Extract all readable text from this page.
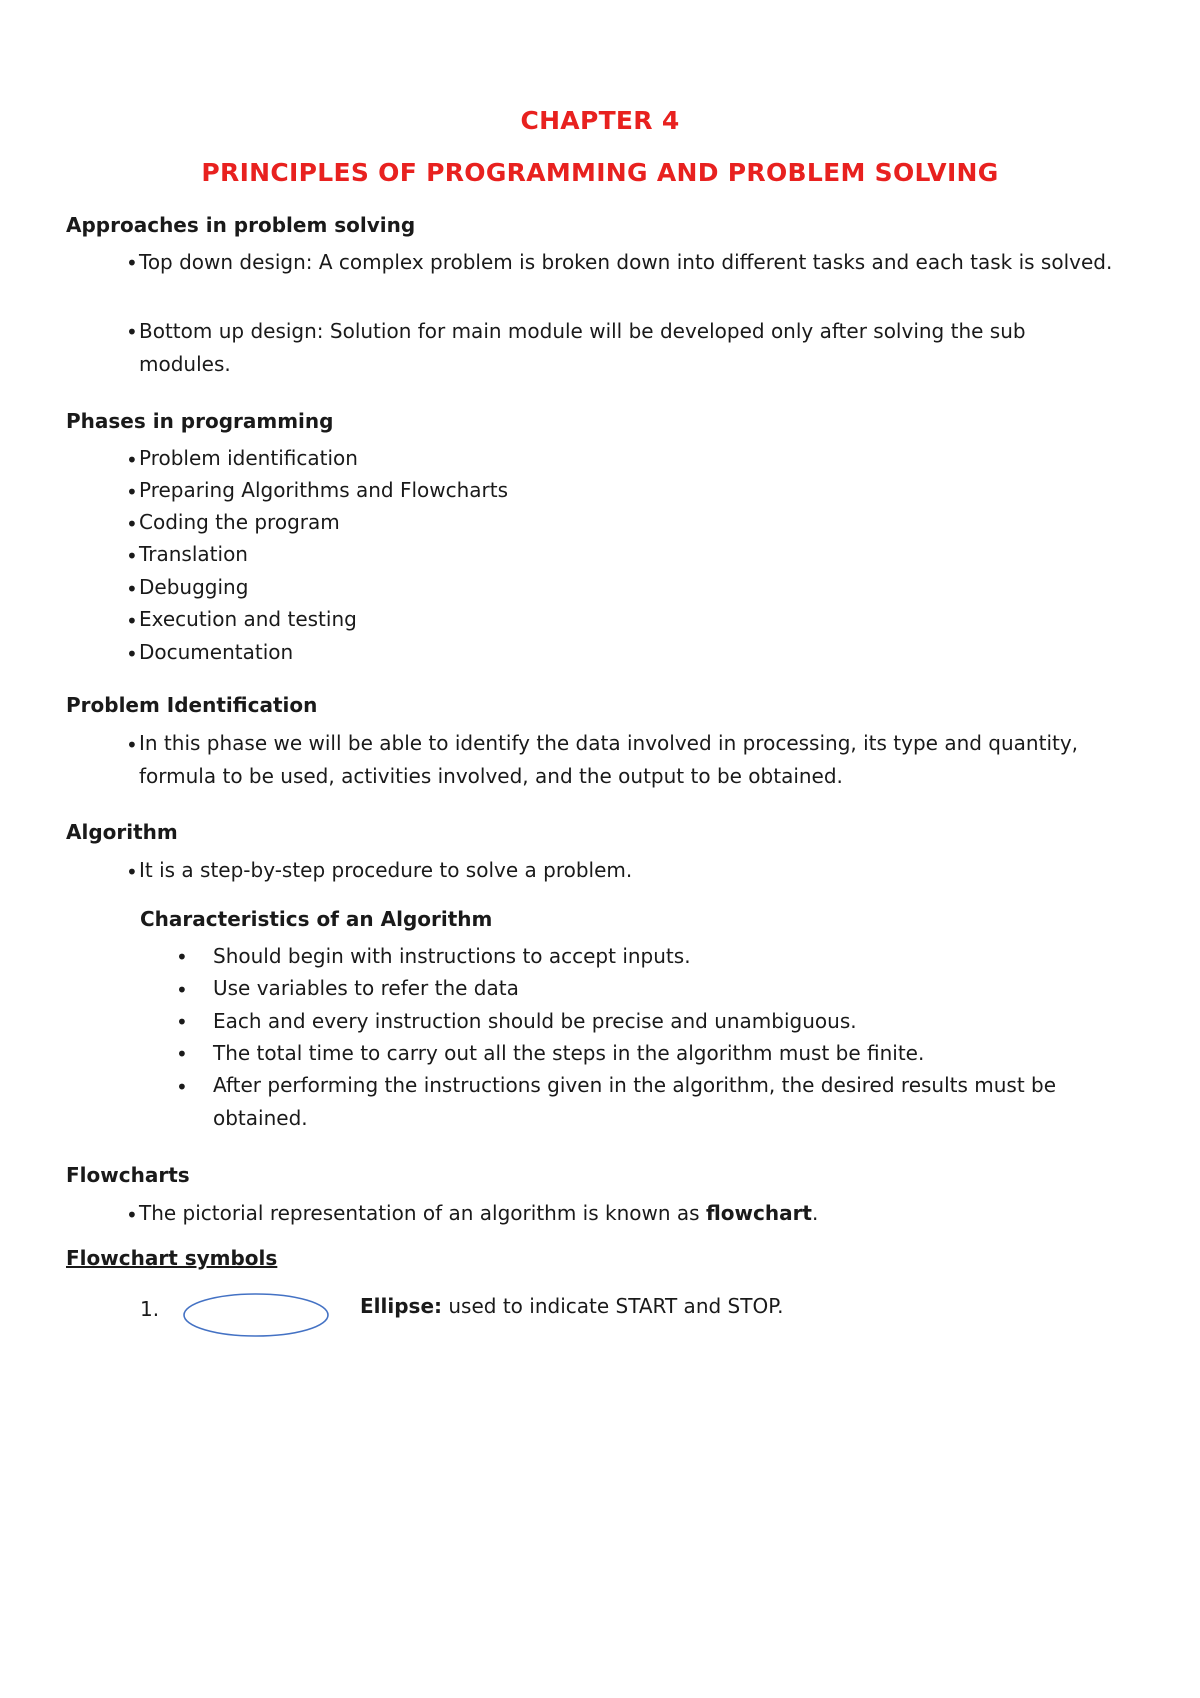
CHAPTER 4
PRINCIPLES OF PROGRAMMING AND PROBLEM SOLVING
Approaches in problem solving
• Top down design: A complex problem is broken down into different tasks and each task is solved.
• Bottom up design: Solution for main module will be developed only after solving the sub modules.
Phases in programming
• Problem identification
• Preparing Algorithms and Flowcharts
• Coding the program
• Translation
• Debugging
• Execution and testing
• Documentation
Problem Identification
• In this phase we will be able to identify the data involved in processing, its type and quantity, formula to be used, activities involved, and the output to be obtained.
Algorithm
• It is a step-by-step procedure to solve a problem.
Characteristics of an Algorithm
• Should begin with instructions to accept inputs.
• Use variables to refer the data
• Each and every instruction should be precise and unambiguous.
• The total time to carry out all the steps in the algorithm must be finite.
• After performing the instructions given in the algorithm, the desired results must be obtained.
Flowcharts
• The pictorial representation of an algorithm is known as flowchart.
Flowchart symbols
1.	Ellipse: used to indicate START and STOP.
